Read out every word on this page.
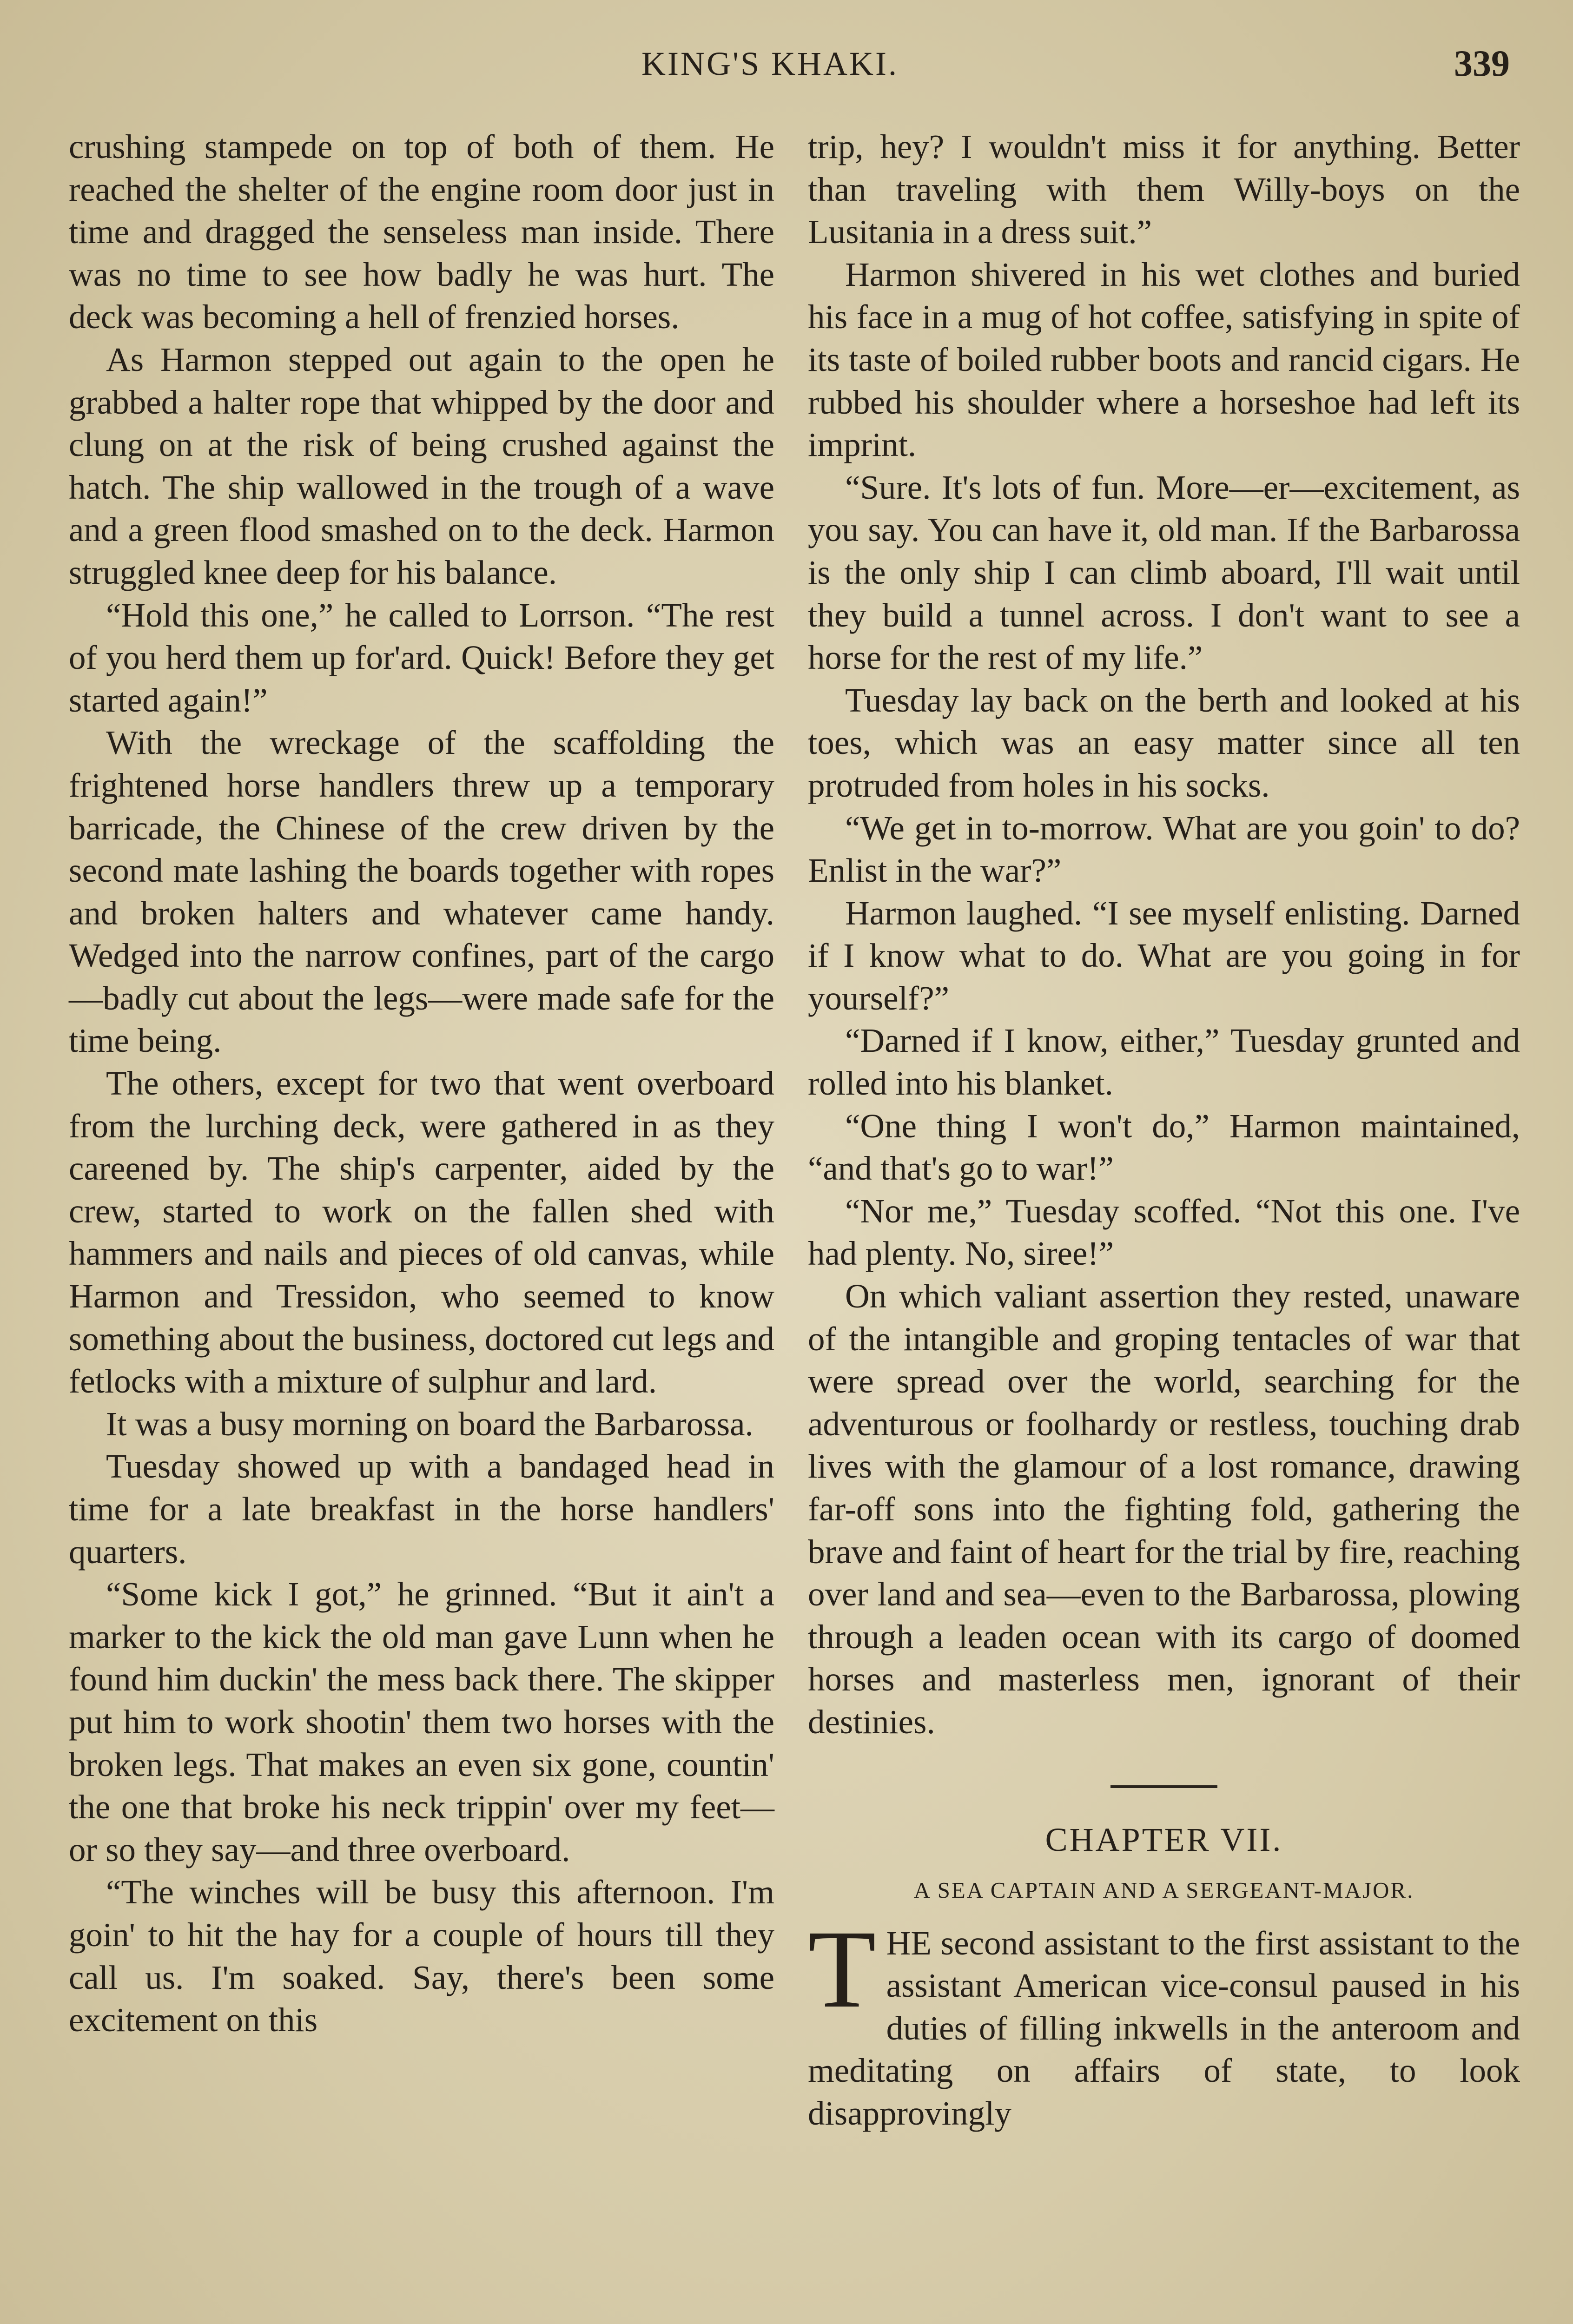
KING'S KHAKI.	339

crushing stampede on top of both of them. He reached the shelter of the engine room door just in time and dragged the senseless man inside. There was no time to see how badly he was hurt. The deck was becoming a hell of frenzied horses.

As Harmon stepped out again to the open he grabbed a halter rope that whipped by the door and clung on at the risk of being crushed against the hatch. The ship wallowed in the trough of a wave and a green flood smashed on to the deck. Harmon struggled knee deep for his balance.

“Hold this one,” he called to Lorrson. “The rest of you herd them up for'ard. Quick! Before they get started again!”

With the wreckage of the scaffolding the frightened horse handlers threw up a temporary barricade, the Chinese of the crew driven by the second mate lashing the boards together with ropes and broken halters and whatever came handy. Wedged into the narrow confines, part of the cargo —badly cut about the legs—were made safe for the time being.

The others, except for two that went overboard from the lurching deck, were gathered in as they careened by. The ship's carpenter, aided by the crew, started to work on the fallen shed with hammers and nails and pieces of old canvas, while Harmon and Tressidon, who seemed to know something about the business, doctored cut legs and fetlocks with a mixture of sulphur and lard.

It was a busy morning on board the Barbarossa.

Tuesday showed up with a bandaged head in time for a late breakfast in the horse handlers' quarters.

“Some kick I got,” he grinned. “But it ain't a marker to the kick the old man gave Lunn when he found him duckin' the mess back there. The skipper put him to work shootin' them two horses with the broken legs. That makes an even six gone, countin' the one that broke his neck trippin' over my feet—or so they say—and three overboard.

“The winches will be busy this afternoon. I'm goin' to hit the hay for a couple of hours till they call us. I'm soaked. Say, there's been some excitement on this

trip, hey? I wouldn't miss it for anything. Better than traveling with them Willy-boys on the Lusitania in a dress suit.”

Harmon shivered in his wet clothes and buried his face in a mug of hot coffee, satisfying in spite of its taste of boiled rubber boots and rancid cigars. He rubbed his shoulder where a horseshoe had left its imprint.

“Sure. It's lots of fun. More—er—excitement, as you say. You can have it, old man. If the Barbarossa is the only ship I can climb aboard, I'll wait until they build a tunnel across. I don't want to see a horse for the rest of my life.”

Tuesday lay back on the berth and looked at his toes, which was an easy matter since all ten protruded from holes in his socks.

“We get in to-morrow. What are you goin' to do? Enlist in the war?”

Harmon laughed. “I see myself enlisting. Darned if I know what to do. What are you going in for yourself?”

“Darned if I know, either,” Tuesday grunted and rolled into his blanket.

“One thing I won't do,” Harmon maintained, “and that's go to war!”

“Nor me,” Tuesday scoffed. “Not this one. I've had plenty. No, siree!”

On which valiant assertion they rested, unaware of the intangible and groping tentacles of war that were spread over the world, searching for the adventurous or foolhardy or restless, touching drab lives with the glamour of a lost romance, drawing far-off sons into the fighting fold, gathering the brave and faint of heart for the trial by fire, reaching over land and sea—even to the Barbarossa, plowing through a leaden ocean with its cargo of doomed horses and masterless men, ignorant of their destinies.

CHAPTER VII.
A SEA CAPTAIN AND A SERGEANT-MAJOR.
T HE second assistant to the first assistant to the assistant American vice-consul paused in his duties of filling inkwells in the anteroom and meditating on affairs of state, to look disapprovingly
